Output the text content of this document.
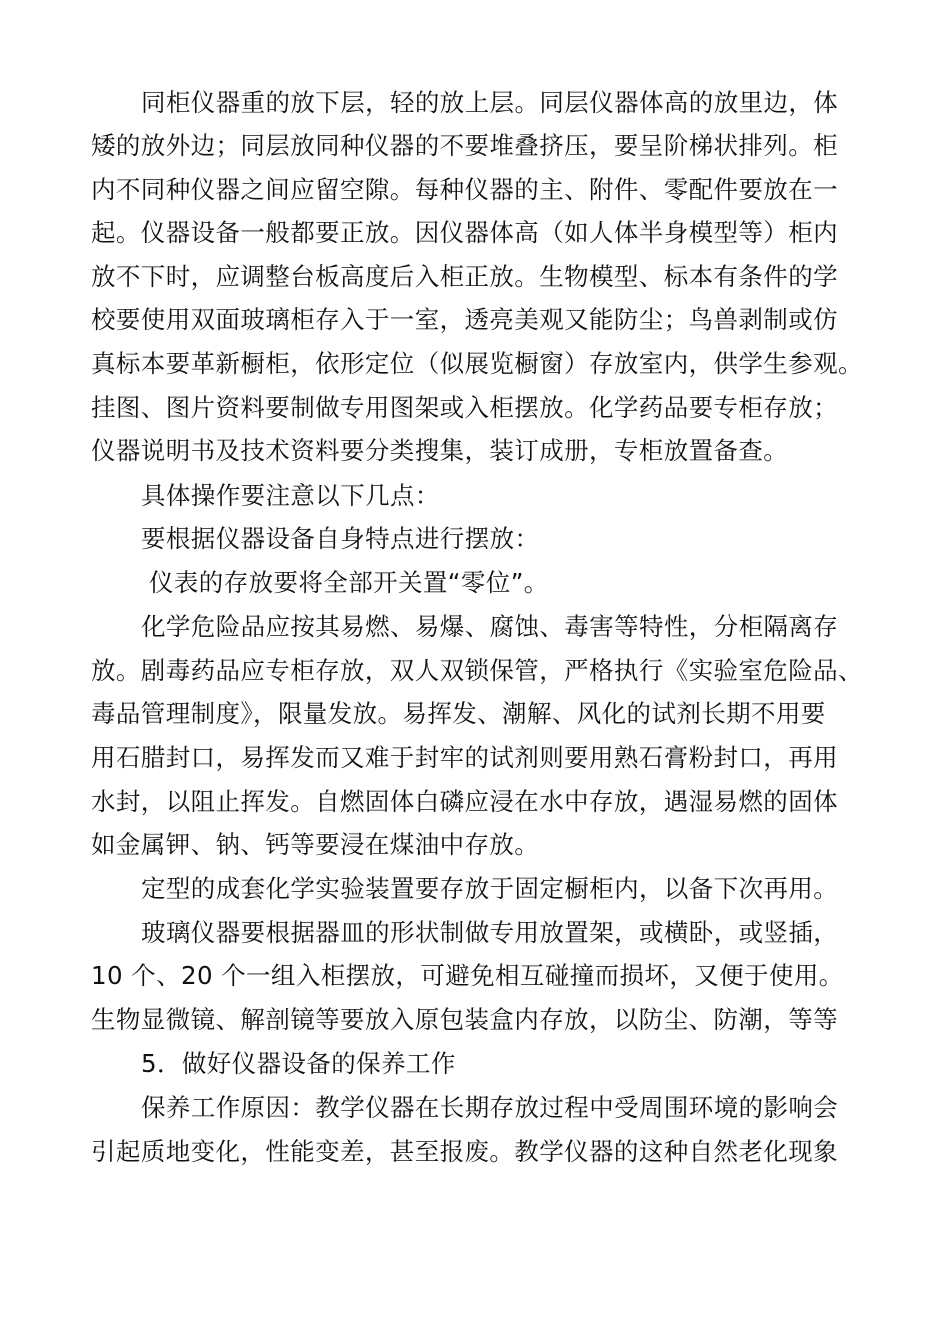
同柜仪器重的放下层，轻的放上层。同层仪器体高的放里边，体
矮的放外边；同层放同种仪器的不要堆叠挤压，要呈阶梯状排列。柜
内不同种仪器之间应留空隙。每种仪器的主、附件、零配件要放在一
起。仪器设备一般都要正放。因仪器体高（如人体半身模型等）柜内
放不下时，应调整台板高度后入柜正放。生物模型、标本有条件的学
校要使用双面玻璃柜存入于一室，透亮美观又能防尘；鸟兽剥制或仿
真标本要革新橱柜，依形定位（似展览橱窗）存放室内，供学生参观。
挂图、图片资料要制做专用图架或入柜摆放。化学药品要专柜存放；
仪器说明书及技术资料要分类搜集，装订成册，专柜放置备查。
具体操作要注意以下几点：
要根据仪器设备自身特点进行摆放：
仪表的存放要将全部开关置“零位”。
化学危险品应按其易燃、易爆、腐蚀、毒害等特性，分柜隔离存
放。剧毒药品应专柜存放，双人双锁保管，严格执行《实验室危险品、
毒品管理制度》，限量发放。易挥发、潮解、风化的试剂长期不用要
用石腊封口，易挥发而又难于封牢的试剂则要用熟石膏粉封口，再用
水封，以阻止挥发。自燃固体白磷应浸在水中存放，遇湿易燃的固体
如金属钾、钠、钙等要浸在煤油中存放。
定型的成套化学实验装置要存放于固定橱柜内，以备下次再用。
玻璃仪器要根据器皿的形状制做专用放置架，或横卧，或竖插，
10 个、20 个一组入柜摆放，可避免相互碰撞而损坏，又便于使用。
生物显微镜、解剖镜等要放入原包装盒内存放，以防尘、防潮，等等
5．做好仪器设备的保养工作
保养工作原因：教学仪器在长期存放过程中受周围环境的影响会
引起质地变化，性能变差，甚至报废。教学仪器的这种自然老化现象
